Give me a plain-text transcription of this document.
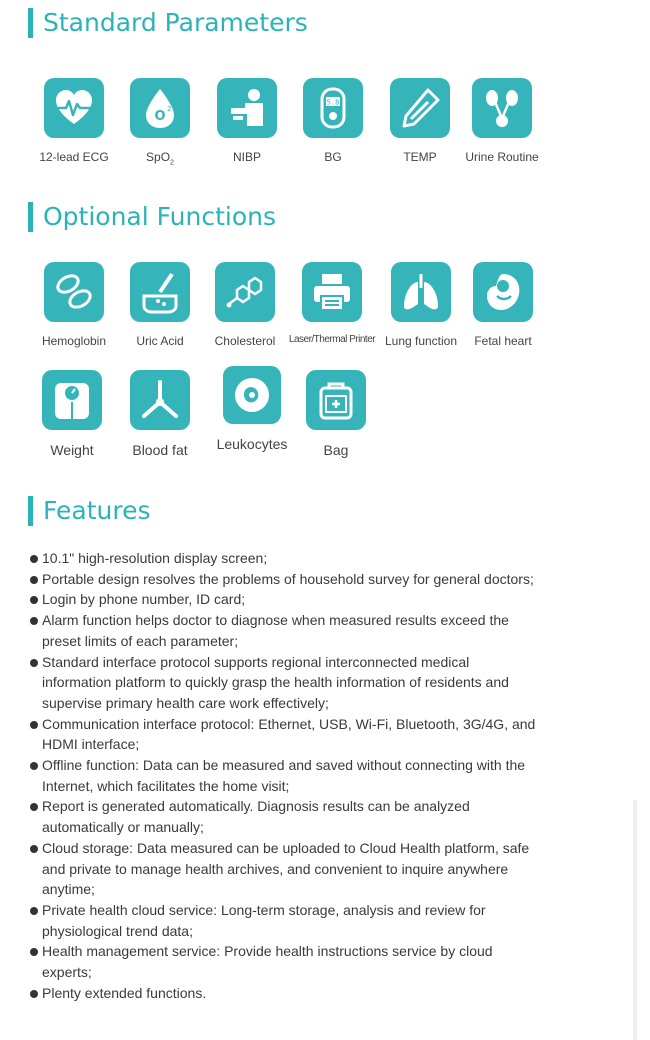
Standard Parameters
12-lead ECG
O 2
SpO$_2$	NIBP
5.8
BG	TEMP	Urine Routine
Optional Functions
Hemoglobin	Uric Acid	Cholesterol	Laser/Thermal Printer Lung function	Fetal heart
Weight	Blood fat	Leukocytes	Bag
Features
10.1" high-resolution display screen;
Portable design resolves the problems of household survey for general doctors;
Login by phone number, ID card;
Alarm function helps doctor to diagnose when measured results exceed the preset limits of each parameter;
Standard interface protocol supports regional interconnected medical information platform to quickly grasp the health information of residents and supervise primary health care work effectively;
Communication interface protocol: Ethernet, USB, Wi-Fi, Bluetooth, 3G/4G, and HDMI interface;
Offline function: Data can be measured and saved without connecting with the Internet, which facilitates the home visit;
Report is generated automatically. Diagnosis results can be analyzed automatically or manually;
Cloud storage: Data measured can be uploaded to Cloud Health platform, safe and private to manage health archives, and convenient to inquire anywhere anytime;
Private health cloud service: Long-term storage, analysis and review for physiological trend data;
Health management service: Provide health instructions service by cloud experts;
Plenty extended functions.
